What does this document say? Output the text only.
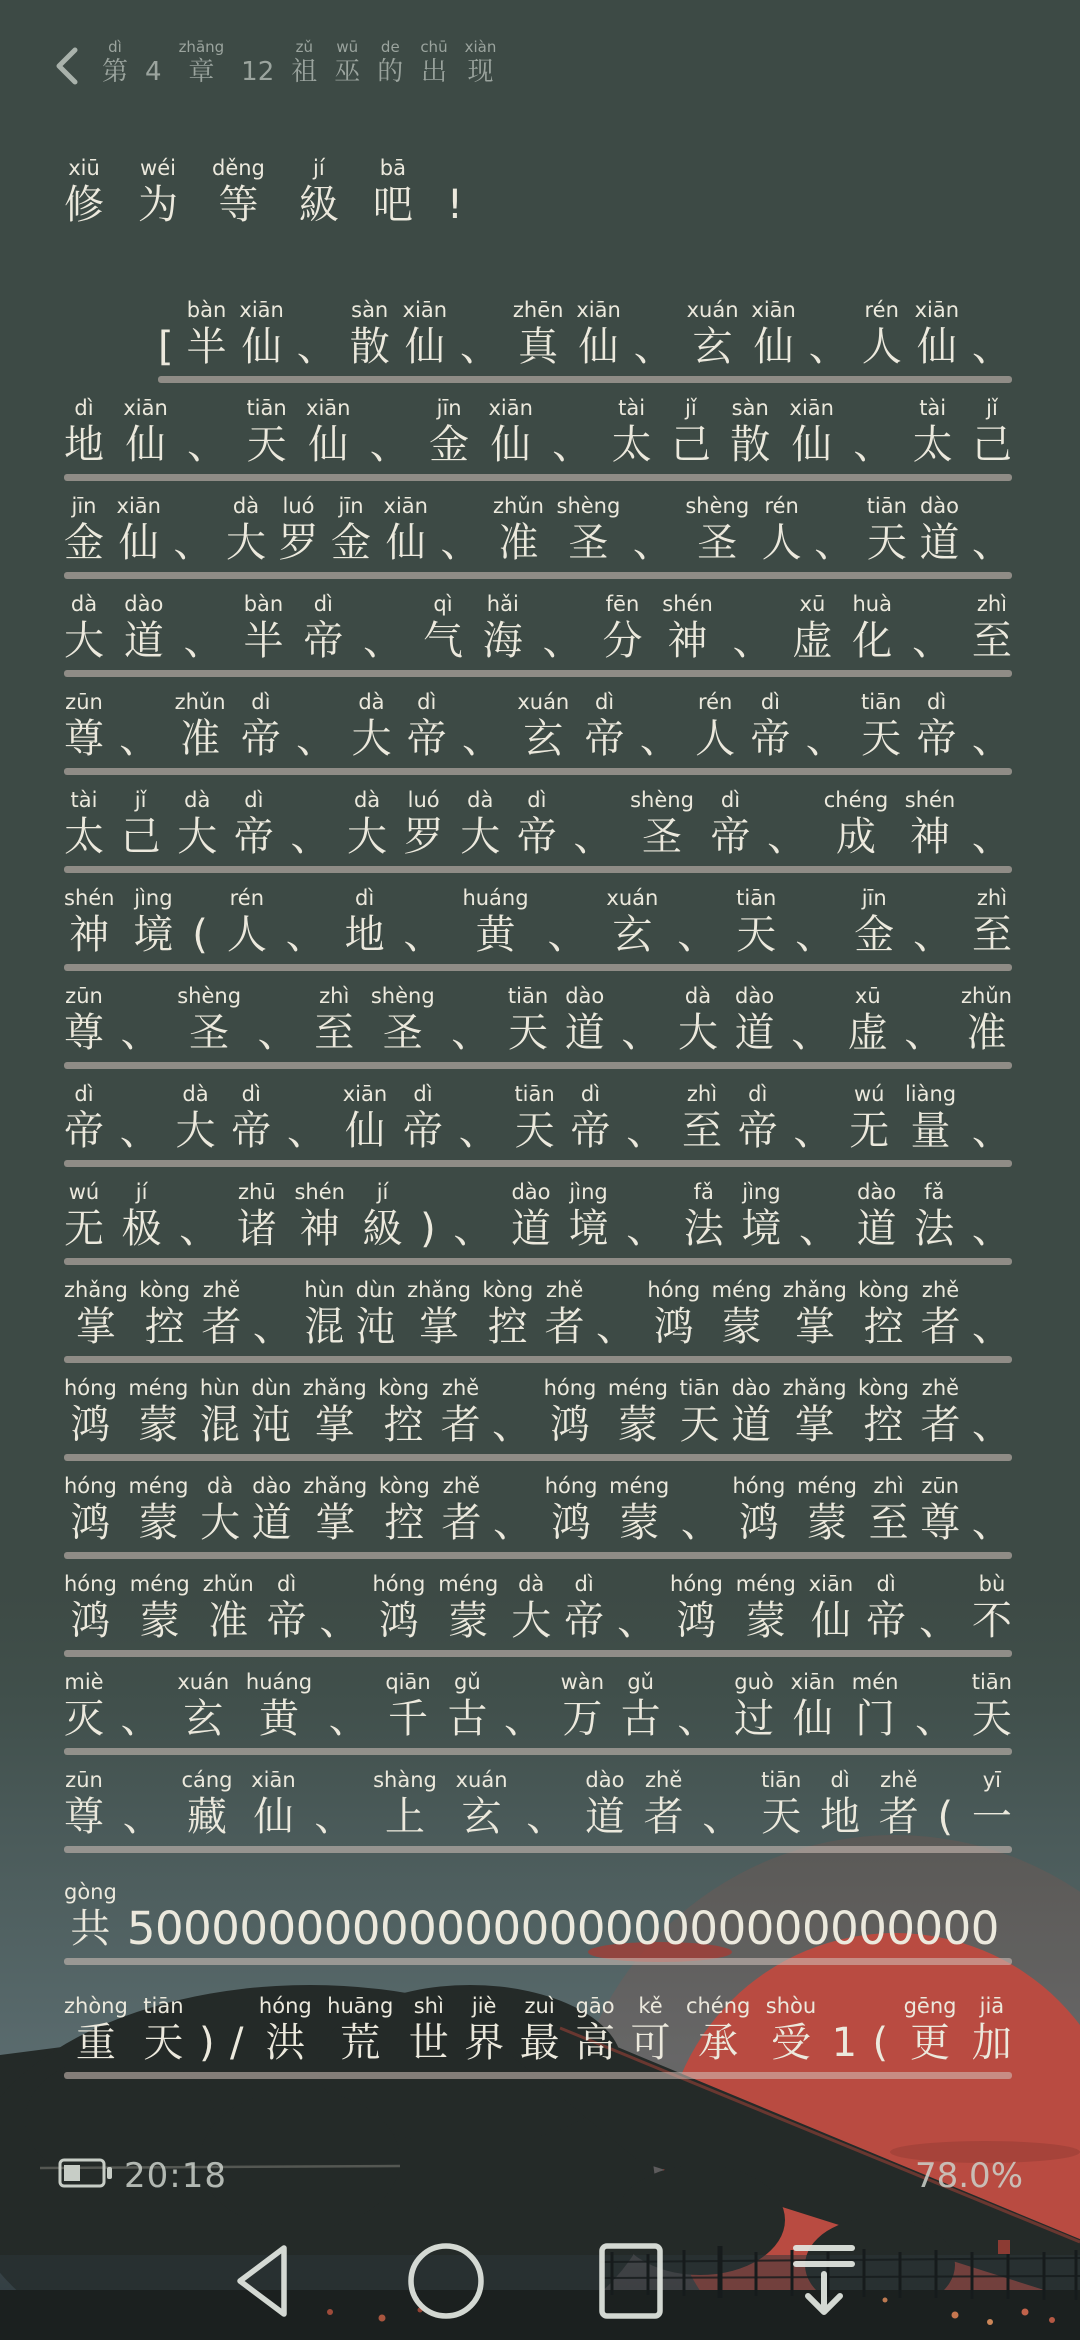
dì
第 4
zhāng
章 12
zǔ
祖
wū
巫
de
的
chū
出
xiàn
现
xiū
修
wéi
为
děng
等
jí
級
bā
吧 !
[
bàn
半
xiān
仙 、
sàn
散
xiān
仙 、
zhēn
真
xiān
仙 、
xuán
玄
xiān
仙 、
rén
人
xiān
仙 、
dì
地
xiān
仙 、
tiān
天
xiān
仙 、
jīn
金
xiān
仙 、
tài
太
jǐ
己
sàn
散
xiān
仙 、
tài
太
jǐ
己
jīn
金
xiān
仙 、
dà
大
luó
罗
jīn
金
xiān
仙 、
zhǔn
准
shèng
圣 、
shèng
圣
rén
人 、
tiān
天
dào
道 、
dà
大
dào
道 、
bàn
半
dì
帝 、
qì
气
hǎi
海 、
fēn
分
shén
神 、
xū
虚
huà
化 、
zhì
至
zūn
尊 、
zhǔn
准
dì
帝 、
dà
大
dì
帝 、
xuán
玄
dì
帝 、
rén
人
dì
帝 、
tiān
天
dì
帝 、
tài
太
jǐ
己
dà
大
dì
帝 、
dà
大
luó
罗
dà
大
dì
帝 、
shèng
圣
dì
帝 、
chéng
成
shén
神 、
shén
神
jìng
境 (
rén
人 、
dì
地 、
huáng
黄 、
xuán
玄 、
tiān
天 、
jīn
金 、
zhì
至
zūn
尊 、
shèng
圣 、
zhì
至
shèng
圣 、
tiān
天
dào
道 、
dà
大
dào
道 、
xū
虚 、
zhǔn
准
dì
帝 、
dà
大
dì
帝 、
xiān
仙
dì
帝 、
tiān
天
dì
帝 、
zhì
至
dì
帝 、
wú
无
liàng
量 、
wú
无
jí
极 、
zhū
诸
shén
神
jí
級 ) 、
dào
道
jìng
境 、
fǎ
法
jìng
境 、
dào
道
fǎ
法 、
zhǎng
掌
kòng
控
zhě
者 、
hùn
混
dùn
沌
zhǎng
掌
kòng
控
zhě
者 、
hóng
鸿
méng
蒙
zhǎng
掌
kòng
控
zhě
者 、
hóng
鸿
méng
蒙
hùn
混
dùn
沌
zhǎng
掌
kòng
控
zhě
者 、
hóng
鸿
méng
蒙
tiān
天
dào
道
zhǎng
掌
kòng
控
zhě
者 、
hóng
鸿
méng
蒙
dà
大
dào
道
zhǎng
掌
kòng
控
zhě
者 、
hóng
鸿
méng
蒙 、
hóng
鸿
méng
蒙
zhì
至
zūn
尊 、
hóng
鸿
méng
蒙
zhǔn
准
dì
帝 、
hóng
鸿
méng
蒙
dà
大
dì
帝 、
hóng
鸿
méng
蒙
xiān
仙
dì
帝 、
bù
不
miè
灭 、
xuán
玄
huáng
黄 、
qiān
千
gǔ
古 、
wàn
万
gǔ
古 、
guò
过
xiān
仙
mén
门 、
tiān
天
zūn
尊 、
cáng
藏
xiān
仙 、
shàng
上
xuán
玄 、
dào
道
zhě
者 、
tiān
天
dì
地
zhě
者 (
yī
一
zhòng
重
tiān
天 ) /
hóng
洪
huāng
荒
shì
世
jiè
界
zuì
最
gāo
高
kě
可
chéng
承
shòu
受 1 (
gēng
更
jiā
加
gòng
共 5000000000000000000000000000000
20:18	78.0%
